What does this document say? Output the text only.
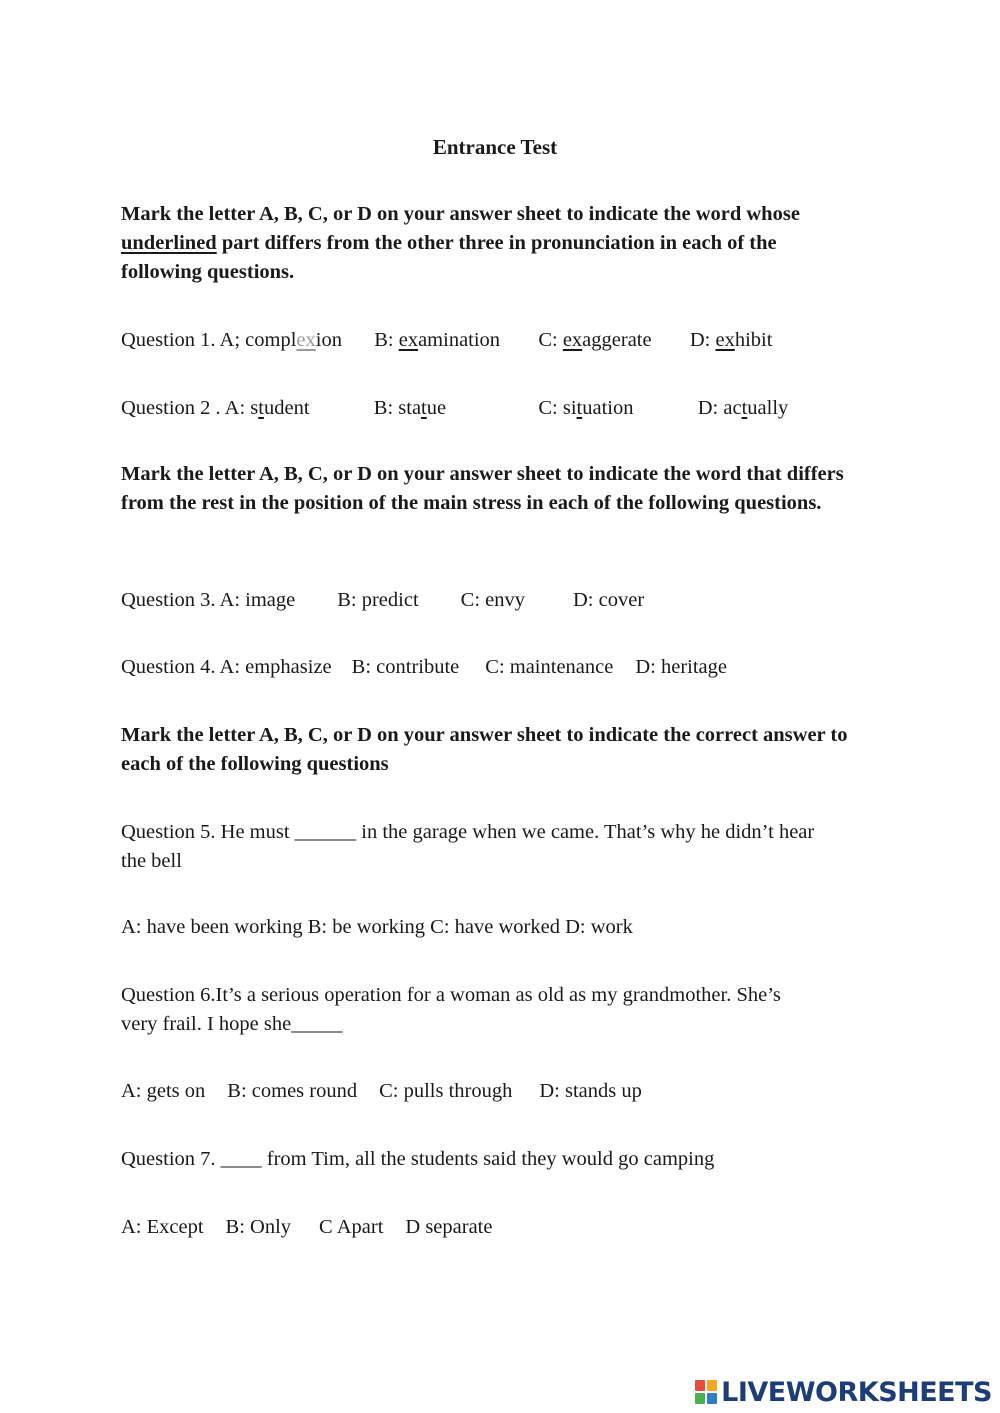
Entrance Test
Mark the letter A, B, C, or D on your answer sheet to indicate the word whose
underlined part differs from the other three in pronunciation in each of the
following questions.
Question 1. A; complexion B: examination C: exaggerate D: exhibit
Question 2 . A: student	B: statue	C: situation	D: actually
Mark the letter A, B, C, or D on your answer sheet to indicate the word that differs from the rest in the position of the main stress in each of the following questions.
Question 3. A: image B: predict C: envy D: cover
Question 4. A: emphasize B: contribute C: maintenance D: heritage
Mark the letter A, B, C, or D on your answer sheet to indicate the correct answer to each of the following questions
Question 5. He must ______ in the garage when we came. That’s why he didn’t hear
the bell
A: have been working B: be working C: have worked D: work
Question 6.It’s a serious operation for a woman as old as my grandmother. She’s
very frail. I hope she_____
A: gets on B: comes round C: pulls through D: stands up
Question 7. ____ from Tim, all the students said they would go camping
A: Except B: Only C Apart D separate
LIVEWORKSHEETS
